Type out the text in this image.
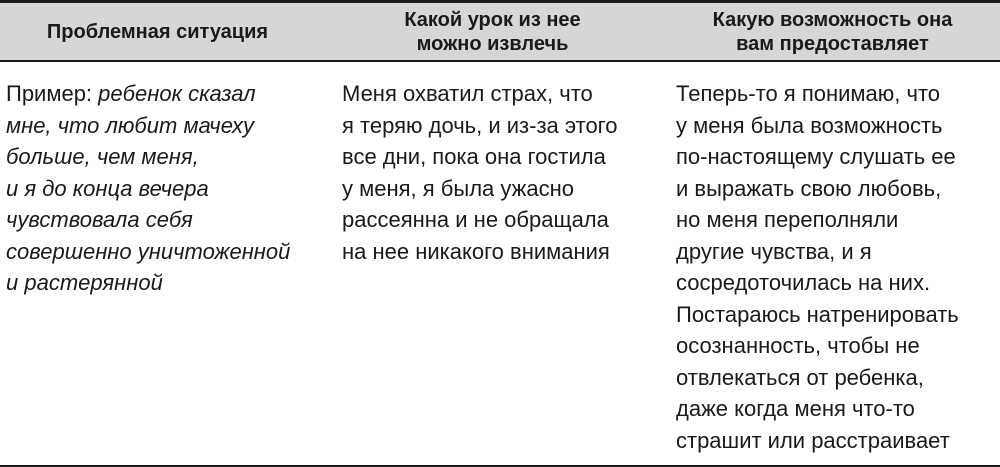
Проблемная ситуация
Какой урок из нее
можно извлечь
Какую возможность она
вам предоставляет
Пример: ребенок сказал
мне, что любит мачеху
больше, чем меня,
и я до конца вечера
чувствовала себя
совершенно уничтоженной
и растерянной
Меня охватил страх, что
я теряю дочь, и из-за этого
все дни, пока она гостила
у меня, я была ужасно
рассеянна и не обращала
на нее никакого внимания
Теперь-то я понимаю, что
у меня была возможность
по-настоящему слушать ее
и выражать свою любовь,
но меня переполняли
другие чувства, и я
сосредоточилась на них.
Постараюсь натренировать
осознанность, чтобы не
отвлекаться от ребенка,
даже когда меня что-то
страшит или расстраивает
